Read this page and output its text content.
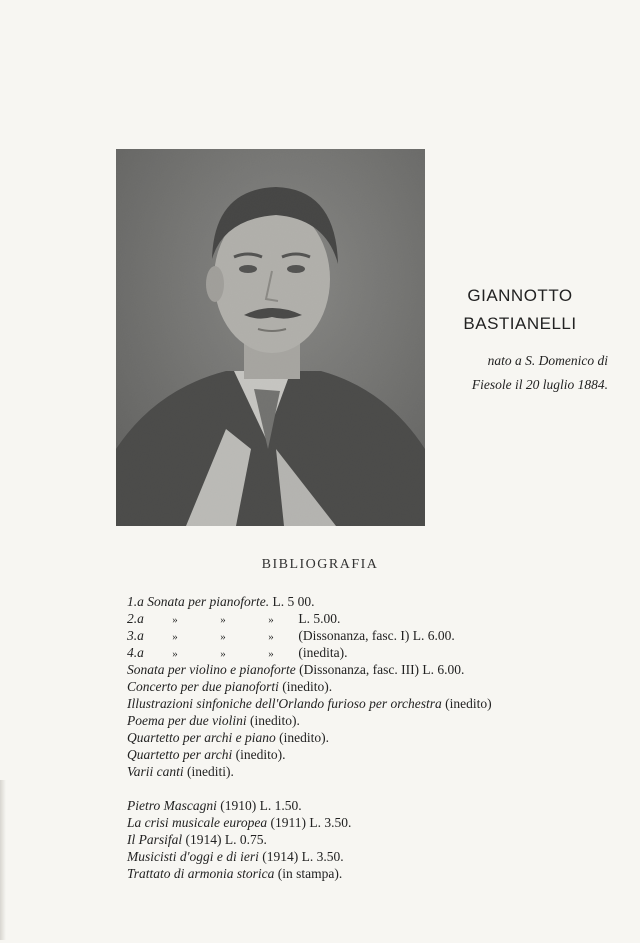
GIANNOTTO
BASTIANELLI
nato a S. Domenico di
Fiesole il 20 luglio 1884.
BIBLIOGRAFIA
1.a Sonata per pianoforte. L. 5 00.
2.a	»	»	» L. 5.00.
3.a	»	»	» (Dissonanza, fasc. I) L. 6.00.
4.a	»	»	» (inedita).
Sonata per violino e pianoforte (Dissonanza, fasc. III) L. 6.00.
Concerto per due pianoforti (inedito).
Illustrazioni sinfoniche dell'Orlando furioso per orchestra (inedito)
Poema per due violini (inedito).
Quartetto per archi e piano (inedito).
Quartetto per archi (inedito).
Varii canti (inediti).
Pietro Mascagni (1910) L. 1.50.
La crisi musicale europea (1911) L. 3.50.
Il Parsifal (1914) L. 0.75.
Musicisti d'oggi e di ieri (1914) L. 3.50.
Trattato di armonia storica (in stampa).
